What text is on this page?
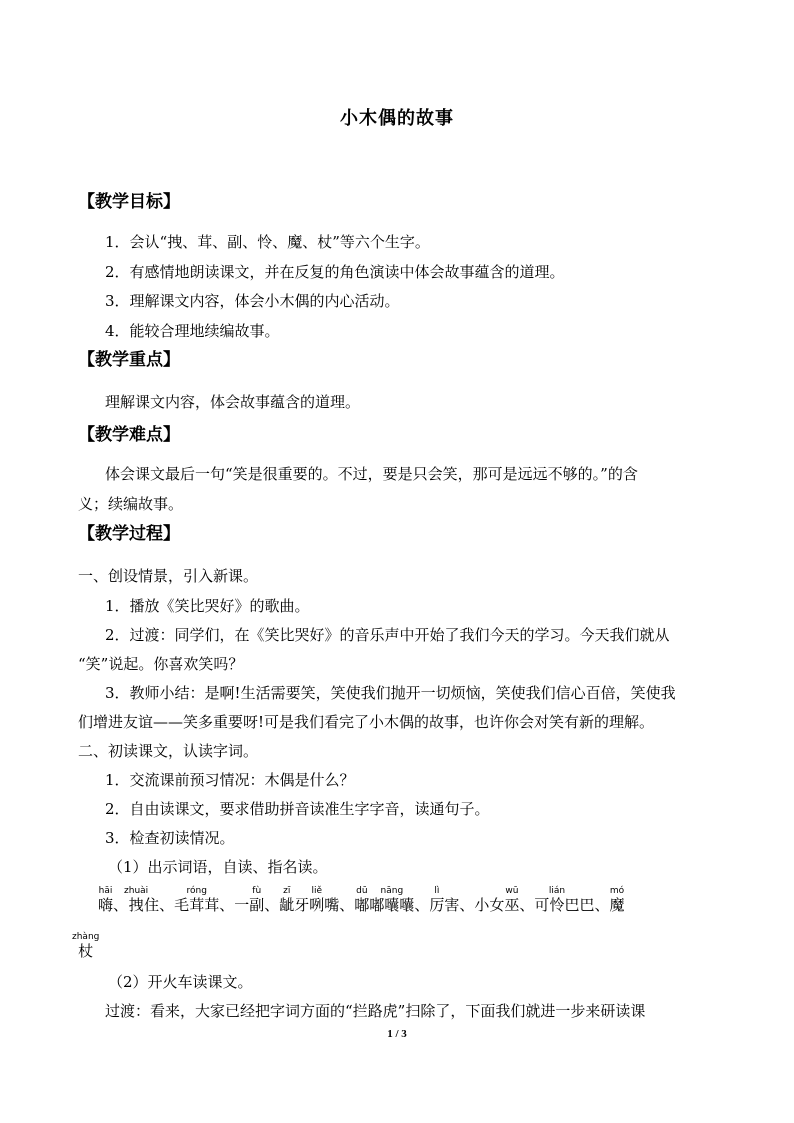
小木偶的故事
【教学目标】
1．会认“拽、茸、副、怜、魔、杖”等六个生字。
2．有感情地朗读课文，并在反复的角色演读中体会故事蕴含的道理。
3．理解课文内容，体会小木偶的内心活动。
4．能较合理地续编故事。
【教学重点】
理解课文内容，体会故事蕴含的道理。
【教学难点】
体会课文最后一句“笑是很重要的。不过，要是只会笑，那可是远远不够的。”的含
义；续编故事。
【教学过程】
一、创设情景，引入新课。
1．播放《笑比哭好》的歌曲。
2．过渡：同学们，在《笑比哭好》的音乐声中开始了我们今天的学习。今天我们就从
“笑”说起。你喜欢笑吗？
3．教师小结：是啊!生活需要笑，笑使我们抛开一切烦恼，笑使我们信心百倍，笑使我
们增进友谊——笑多重要呀!可是我们看完了小木偶的故事，也许你会对笑有新的理解。
二、初读课文，认读字词。
1．交流课前预习情况：木偶是什么？
2．自由读课文，要求借助拼音读准生字字音，读通句子。
3．检查初读情况。
（1）出示词语，自读、指名读。
嗨hāi、拽zhuài住、毛茸róng茸、一副fù、龇zī牙咧liě嘴、嘟dū嘟囔nāng囔、厉lì害、小女巫wū、可怜lián巴巴、魔mó
杖zhàng
（2）开火车读课文。
过渡：看来，大家已经把字词方面的“拦路虎”扫除了，下面我们就进一步来研读课
1 / 3
